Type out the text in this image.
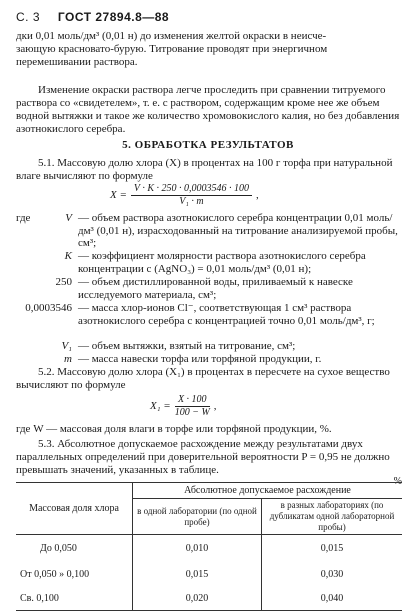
С. 3 ГОСТ 27894.8—88
дки 0,01 моль/дм³ (0,01 н) до изменения желтой окраски в неисче-
зающую красновато-бурую. Титрование проводят при энергичном
перемешивании раствора.
Изменение окраски раствора легче проследить при сравнении титруемого раствора со «свидетелем», т. е. с раствором, содержащим кроме нее же объем водной вытяжки и такое же количество хромовокислого калия, но без добавления азотнокислого серебра.
5. ОБРАБОТКА РЕЗУЛЬТАТОВ
5.1. Массовую долю хлора (X) в процентах на 100 г торфа при натуральной влаге вычисляют по формуле
$X = \frac{V \cdot K \cdot 250 \cdot 0,0003546 \cdot 100}{\text{V₁ · m}}$ ,
где	V — объем раствора азотнокислого серебра концентрации 0,01 моль/дм³ (0,01 н), израсходованный на титрование анализируемой пробы, см³;
K — коэффициент молярности раствора азотнокислого серебра концентрации c (AgNO₃) = 0,01 моль/дм³ (0,01 н);
250 — объем дистиллированной воды, приливаемый к навеске исследуемого материала, см³;
0,0003546 — масса хлор-ионов Cl⁻, соответствующая 1 см³ раствора азотнокислого серебра с концентрацией точно 0,01 моль/дм³, г;
V₁ — объем вытяжки, взятый на титрование, см³;
m — масса навески торфа или торфяной продукции, г.
5.2. Массовую долю хлора (X₁) в процентах в пересчете на сухое вещество вычисляют по формуле
$X_1 = \frac{X \cdot 100}{100 - W}$ ,
где W — массовая доля влаги в торфе или торфяной продукции, %.
5.3. Абсолютное допускаемое расхождение между результатами двух параллельных определений при доверительной вероятности P = 0,95 не должно превышать значений, указанных в таблице.
%
Массовая доля хлора	Абсолютное допускаемое расхождение	
	в одной лаборатории (по одной пробе)	в разных лабораториях (по дубликатам одной лабораторной пробы)
До 0,050	0,010	0,015
От 0,050 » 0,100	0,015	0,030
Св. 0,100	0,020	0,040
